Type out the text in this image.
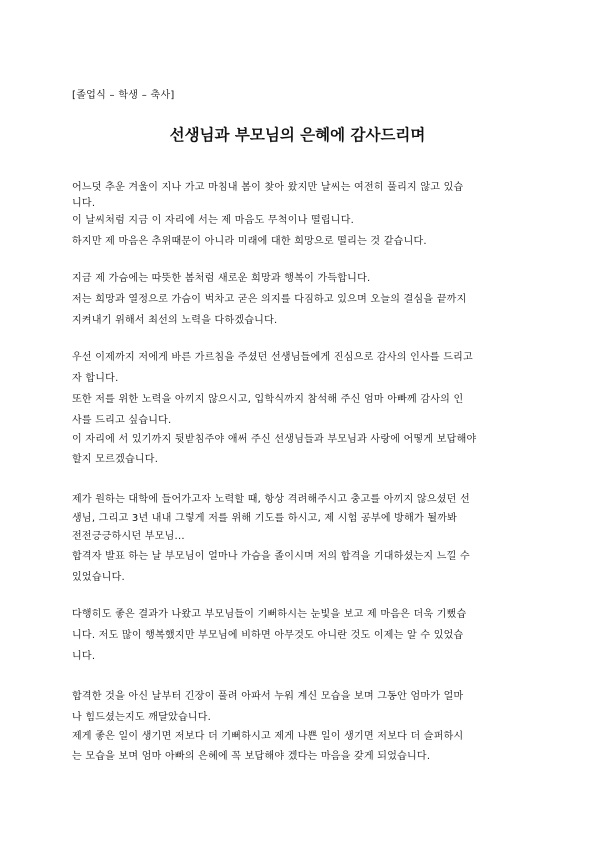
[졸업식 – 학생 – 축사]
선생님과 부모님의 은혜에 감사드리며
어느덧 추운 겨울이 지나 가고 마침내 봄이 찾아 왔지만 날씨는 여전히 풀리지 않고 있습
니다.
이 날씨처럼 지금 이 자리에 서는 제 마음도 무척이나 떨립니다.
하지만 제 마음은 추위때문이 아니라 미래에 대한 희망으로 떨리는 것 같습니다.
지금 제 가슴에는 따뜻한 봄처럼 새로운 희망과 행복이 가득합니다.
저는 희망과 열정으로 가슴이 벅차고 굳은 의지를 다짐하고 있으며 오늘의 결심을 끝까지
지켜내기 위해서 최선의 노력을 다하겠습니다.
우선 이제까지 저에게 바른 가르침을 주셨던 선생님들에게 진심으로 감사의 인사를 드리고
자 합니다.
또한 저를 위한 노력을 아끼지 않으시고, 입학식까지 참석해 주신 엄마 아빠께 감사의 인
사를 드리고 싶습니다.
이 자리에 서 있기까지 뒷받침주야 애써 주신 선생님들과 부모님과 사랑에 어떻게 보답해야
할지 모르겠습니다.
제가 원하는 대학에 들어가고자 노력할 때, 항상 격려해주시고 충고를 아끼지 않으셨던 선
생님, 그리고 3년 내내 그렇게 저를 위해 기도를 하시고, 제 시험 공부에 방해가 될까봐
전전긍긍하시던 부모님...
합격자 발표 하는 날 부모님이 얼마나 가슴을 졸이시며 저의 합격을 기대하셨는지 느낄 수
있었습니다.
다행히도 좋은 결과가 나왔고 부모님들이 기뻐하시는 눈빛을 보고 제 마음은 더욱 기뻤습
니다. 저도 많이 행복했지만 부모님에 비하면 아무것도 아니란 것도 이제는 알 수 있었습
니다.
합격한 것을 아신 날부터 긴장이 풀려 아파서 누워 계신 모습을 보며 그동안 엄마가 얼마
나 힘드셨는지도 깨달았습니다.
제게 좋은 일이 생기면 저보다 더 기뻐하시고 제게 나쁜 일이 생기면 저보다 더 슬퍼하시
는 모습을 보며 엄마 아빠의 은혜에 꼭 보답해야 겠다는 마음을 갖게 되었습니다.
